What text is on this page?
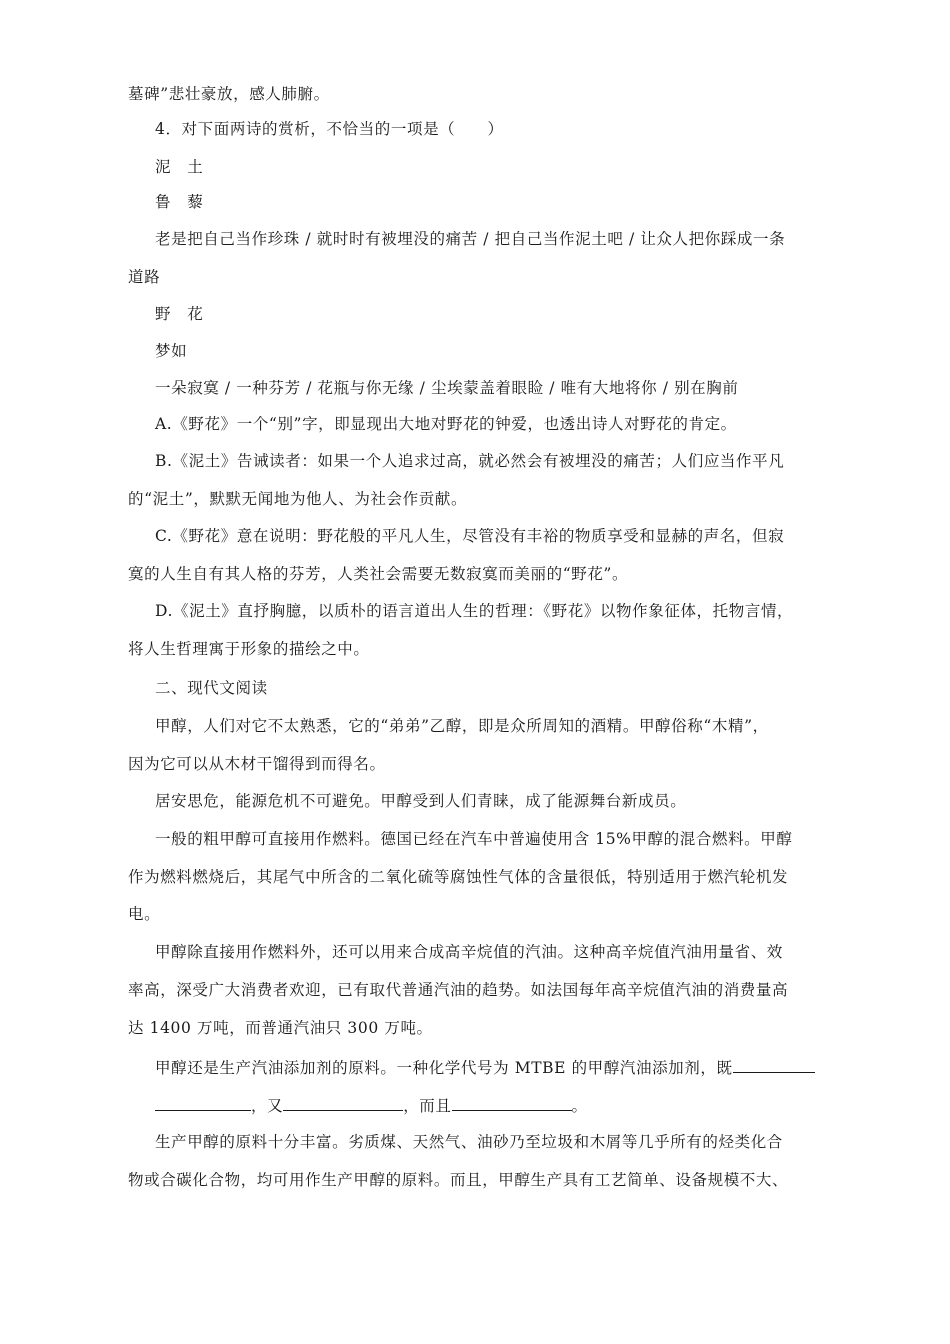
墓碑”悲壮豪放，感人肺腑。
4．对下面两诗的赏析，不恰当的一项是（　　）
泥　土
鲁　藜
老是把自己当作珍珠 / 就时时有被埋没的痛苦 / 把自己当作泥土吧 / 让众人把你踩成一条
道路
野　花
梦如
一朵寂寞 / 一种芬芳 / 花瓶与你无缘 / 尘埃蒙盖着眼睑 / 唯有大地将你 / 别在胸前
A.《野花》一个“别”字，即显现出大地对野花的钟爱，也透出诗人对野花的肯定。
B.《泥土》告诫读者：如果一个人追求过高，就必然会有被埋没的痛苦；人们应当作平凡
的“泥土”，默默无闻地为他人、为社会作贡献。
C.《野花》意在说明：野花般的平凡人生，尽管没有丰裕的物质享受和显赫的声名，但寂
寞的人生自有其人格的芬芳，人类社会需要无数寂寞而美丽的“野花”。
D.《泥土》直抒胸臆，以质朴的语言道出人生的哲理：《野花》以物作象征体，托物言情，
将人生哲理寓于形象的描绘之中。
二、现代文阅读
甲醇，人们对它不太熟悉，它的“弟弟”乙醇，即是众所周知的酒精。甲醇俗称“木精”，
因为它可以从木材干馏得到而得名。
居安思危，能源危机不可避免。甲醇受到人们青睐，成了能源舞台新成员。
一般的粗甲醇可直接用作燃料。德国已经在汽车中普遍使用含 15%甲醇的混合燃料。甲醇
作为燃料燃烧后，其尾气中所含的二氧化硫等腐蚀性气体的含量很低，特别适用于燃汽轮机发
电。
甲醇除直接用作燃料外，还可以用来合成高辛烷值的汽油。这种高辛烷值汽油用量省、效
率高，深受广大消费者欢迎，已有取代普通汽油的趋势。如法国每年高辛烷值汽油的消费量高
达 1400 万吨，而普通汽油只 300 万吨。
甲醇还是生产汽油添加剂的原料。一种化学代号为 MTBE 的甲醇汽油添加剂，既
，又	，而且	。
生产甲醇的原料十分丰富。劣质煤、天然气、油砂乃至垃圾和木屑等几乎所有的烃类化合
物或合碳化合物，均可用作生产甲醇的原料。而且，甲醇生产具有工艺简单、设备规模不大、
